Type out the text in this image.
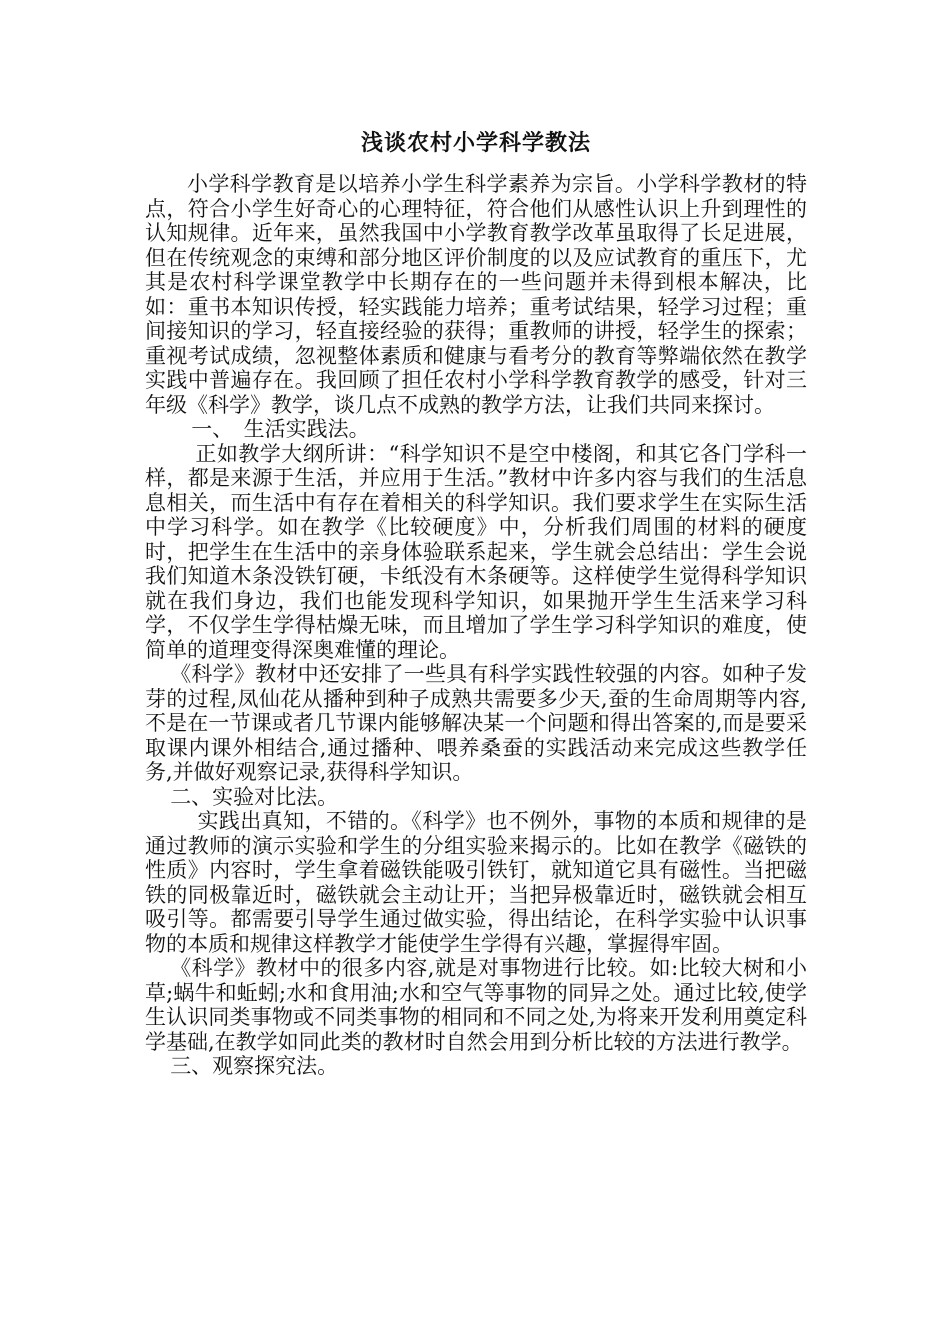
浅谈农村小学科学教法

小学科学教育是以培养小学生科学素养为宗旨。小学科学教材的特点，符合小学生好奇心的心理特征，符合他们从感性认识上升到理性的认知规律。近年来，虽然我国中小学教育教学改革虽取得了长足进展，但在传统观念的束缚和部分地区评价制度的以及应试教育的重压下，尤其是农村科学课堂教学中长期存在的一些问题并未得到根本解决，比如：重书本知识传授，轻实践能力培养；重考试结果，轻学习过程；重间接知识的学习，轻直接经验的获得；重教师的讲授，轻学生的探索；重视考试成绩，忽视整体素质和健康与看考分的教育等弊端依然在教学实践中普遍存在。我回顾了担任农村小学科学教育教学的感受，针对三年级《科学》教学，谈几点不成熟的教学方法，让我们共同来探讨。

一、　生活实践法。

正如教学大纲所讲：“科学知识不是空中楼阁，和其它各门学科一样，都是来源于生活，并应用于生活。”教材中许多内容与我们的生活息息相关，而生活中有存在着相关的科学知识。我们要求学生在实际生活中学习科学。如在教学《比较硬度》中，分析我们周围的材料的硬度时，把学生在生活中的亲身体验联系起来，学生就会总结出：学生会说我们知道木条没铁钉硬，卡纸没有木条硬等。这样使学生觉得科学知识就在我们身边，我们也能发现科学知识，如果抛开学生生活来学习科学，不仅学生学得枯燥无味，而且增加了学生学习科学知识的难度，使简单的道理变得深奥难懂的理论。

《科学》教材中还安排了一些具有科学实践性较强的内容。如种子发芽的过程,凤仙花从播种到种子成熟共需要多少天,蚕的生命周期等内容,不是在一节课或者几节课内能够解决某一个问题和得出答案的,而是要采取课内课外相结合,通过播种、喂养桑蚕的实践活动来完成这些教学任务,并做好观察记录,获得科学知识。

二、实验对比法。

实践出真知，不错的。《科学》也不例外，事物的本质和规律的是通过教师的演示实验和学生的分组实验来揭示的。比如在教学《磁铁的性质》内容时，学生拿着磁铁能吸引铁钉，就知道它具有磁性。当把磁铁的同极靠近时，磁铁就会主动让开；当把异极靠近时，磁铁就会相互吸引等。都需要引导学生通过做实验，得出结论，在科学实验中认识事物的本质和规律这样教学才能使学生学得有兴趣，掌握得牢固。

《科学》教材中的很多内容,就是对事物进行比较。如:比较大树和小草;蜗牛和蚯蚓;水和食用油;水和空气等事物的同异之处。通过比较,使学生认识同类事物或不同类事物的相同和不同之处,为将来开发利用奠定科学基础,在教学如同此类的教材时自然会用到分析比较的方法进行教学。

三、观察探究法。
